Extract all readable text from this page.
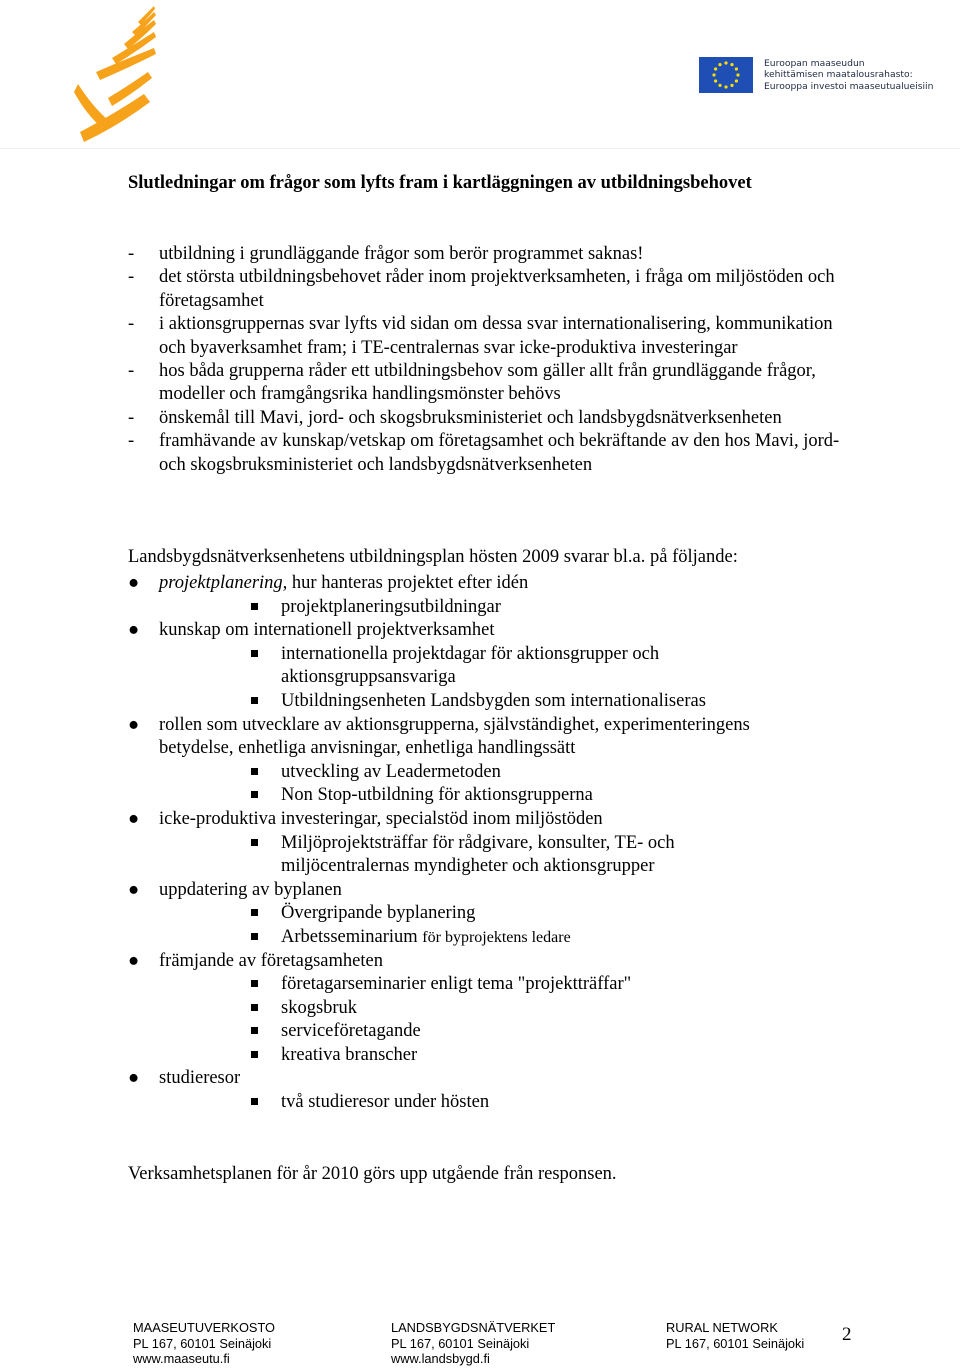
Euroopan maaseudun
kehittämisen maatalousrahasto:
Eurooppa investoi maaseutualueisiin
Slutledningar om frågor som lyfts fram i kartläggningen av utbildningsbehovet
- utbildning i grundläggande frågor som berör programmet saknas!
- det största utbildningsbehovet råder inom projektverksamheten, i fråga om miljöstöden och företagsamhet
- i aktionsgruppernas svar lyfts vid sidan om dessa svar internationalisering, kommunikation och byaverksamhet fram; i TE-centralernas svar icke-produktiva investeringar
- hos båda grupperna råder ett utbildningsbehov som gäller allt från grundläggande frågor, modeller och framgångsrika handlingsmönster behövs
- önskemål till Mavi, jord- och skogsbruksministeriet och landsbygdsnätverksenheten
- framhävande av kunskap/vetskap om företagsamhet och bekräftande av den hos Mavi, jord- och skogsbruksministeriet och landsbygdsnätverksenheten

Landsbygdsnätverksenhetens utbildningsplan hösten 2009 svarar bl.a. på följande:

● projektplanering, hur hanteras projektet efter idén
projektplaneringsutbildningar
● kunskap om internationell projektverksamhet
internationella projektdagar för aktionsgrupper och aktionsgruppsansvariga
Utbildningsenheten Landsbygden som internationaliseras
● rollen som utvecklare av aktionsgrupperna, självständighet, experimenteringens betydelse, enhetliga anvisningar, enhetliga handlingssätt
utveckling av Leadermetoden
Non Stop-utbildning för aktionsgrupperna
● icke-produktiva investeringar, specialstöd inom miljöstöden
Miljöprojektsträffar för rådgivare, konsulter, TE- och miljöcentralernas myndigheter och aktionsgrupper
● uppdatering av byplanen
Övergripande byplanering
Arbetsseminarium för byprojektens ledare
● främjande av företagsamheten
företagarseminarier enligt tema "projektträffar"
skogsbruk
serviceföretagande
kreativa branscher
● studieresor
två studieresor under hösten

Verksamhetsplanen för år 2010 görs upp utgående från responsen.

MAASEUTUVERKOSTO
PL 167, 60101 Seinäjoki
www.maaseutu.fi
LANDSBYGDSNÄTVERKET
PL 167, 60101 Seinäjoki
www.landsbygd.fi
RURAL NETWORK
PL 167, 60101 Seinäjoki 2
